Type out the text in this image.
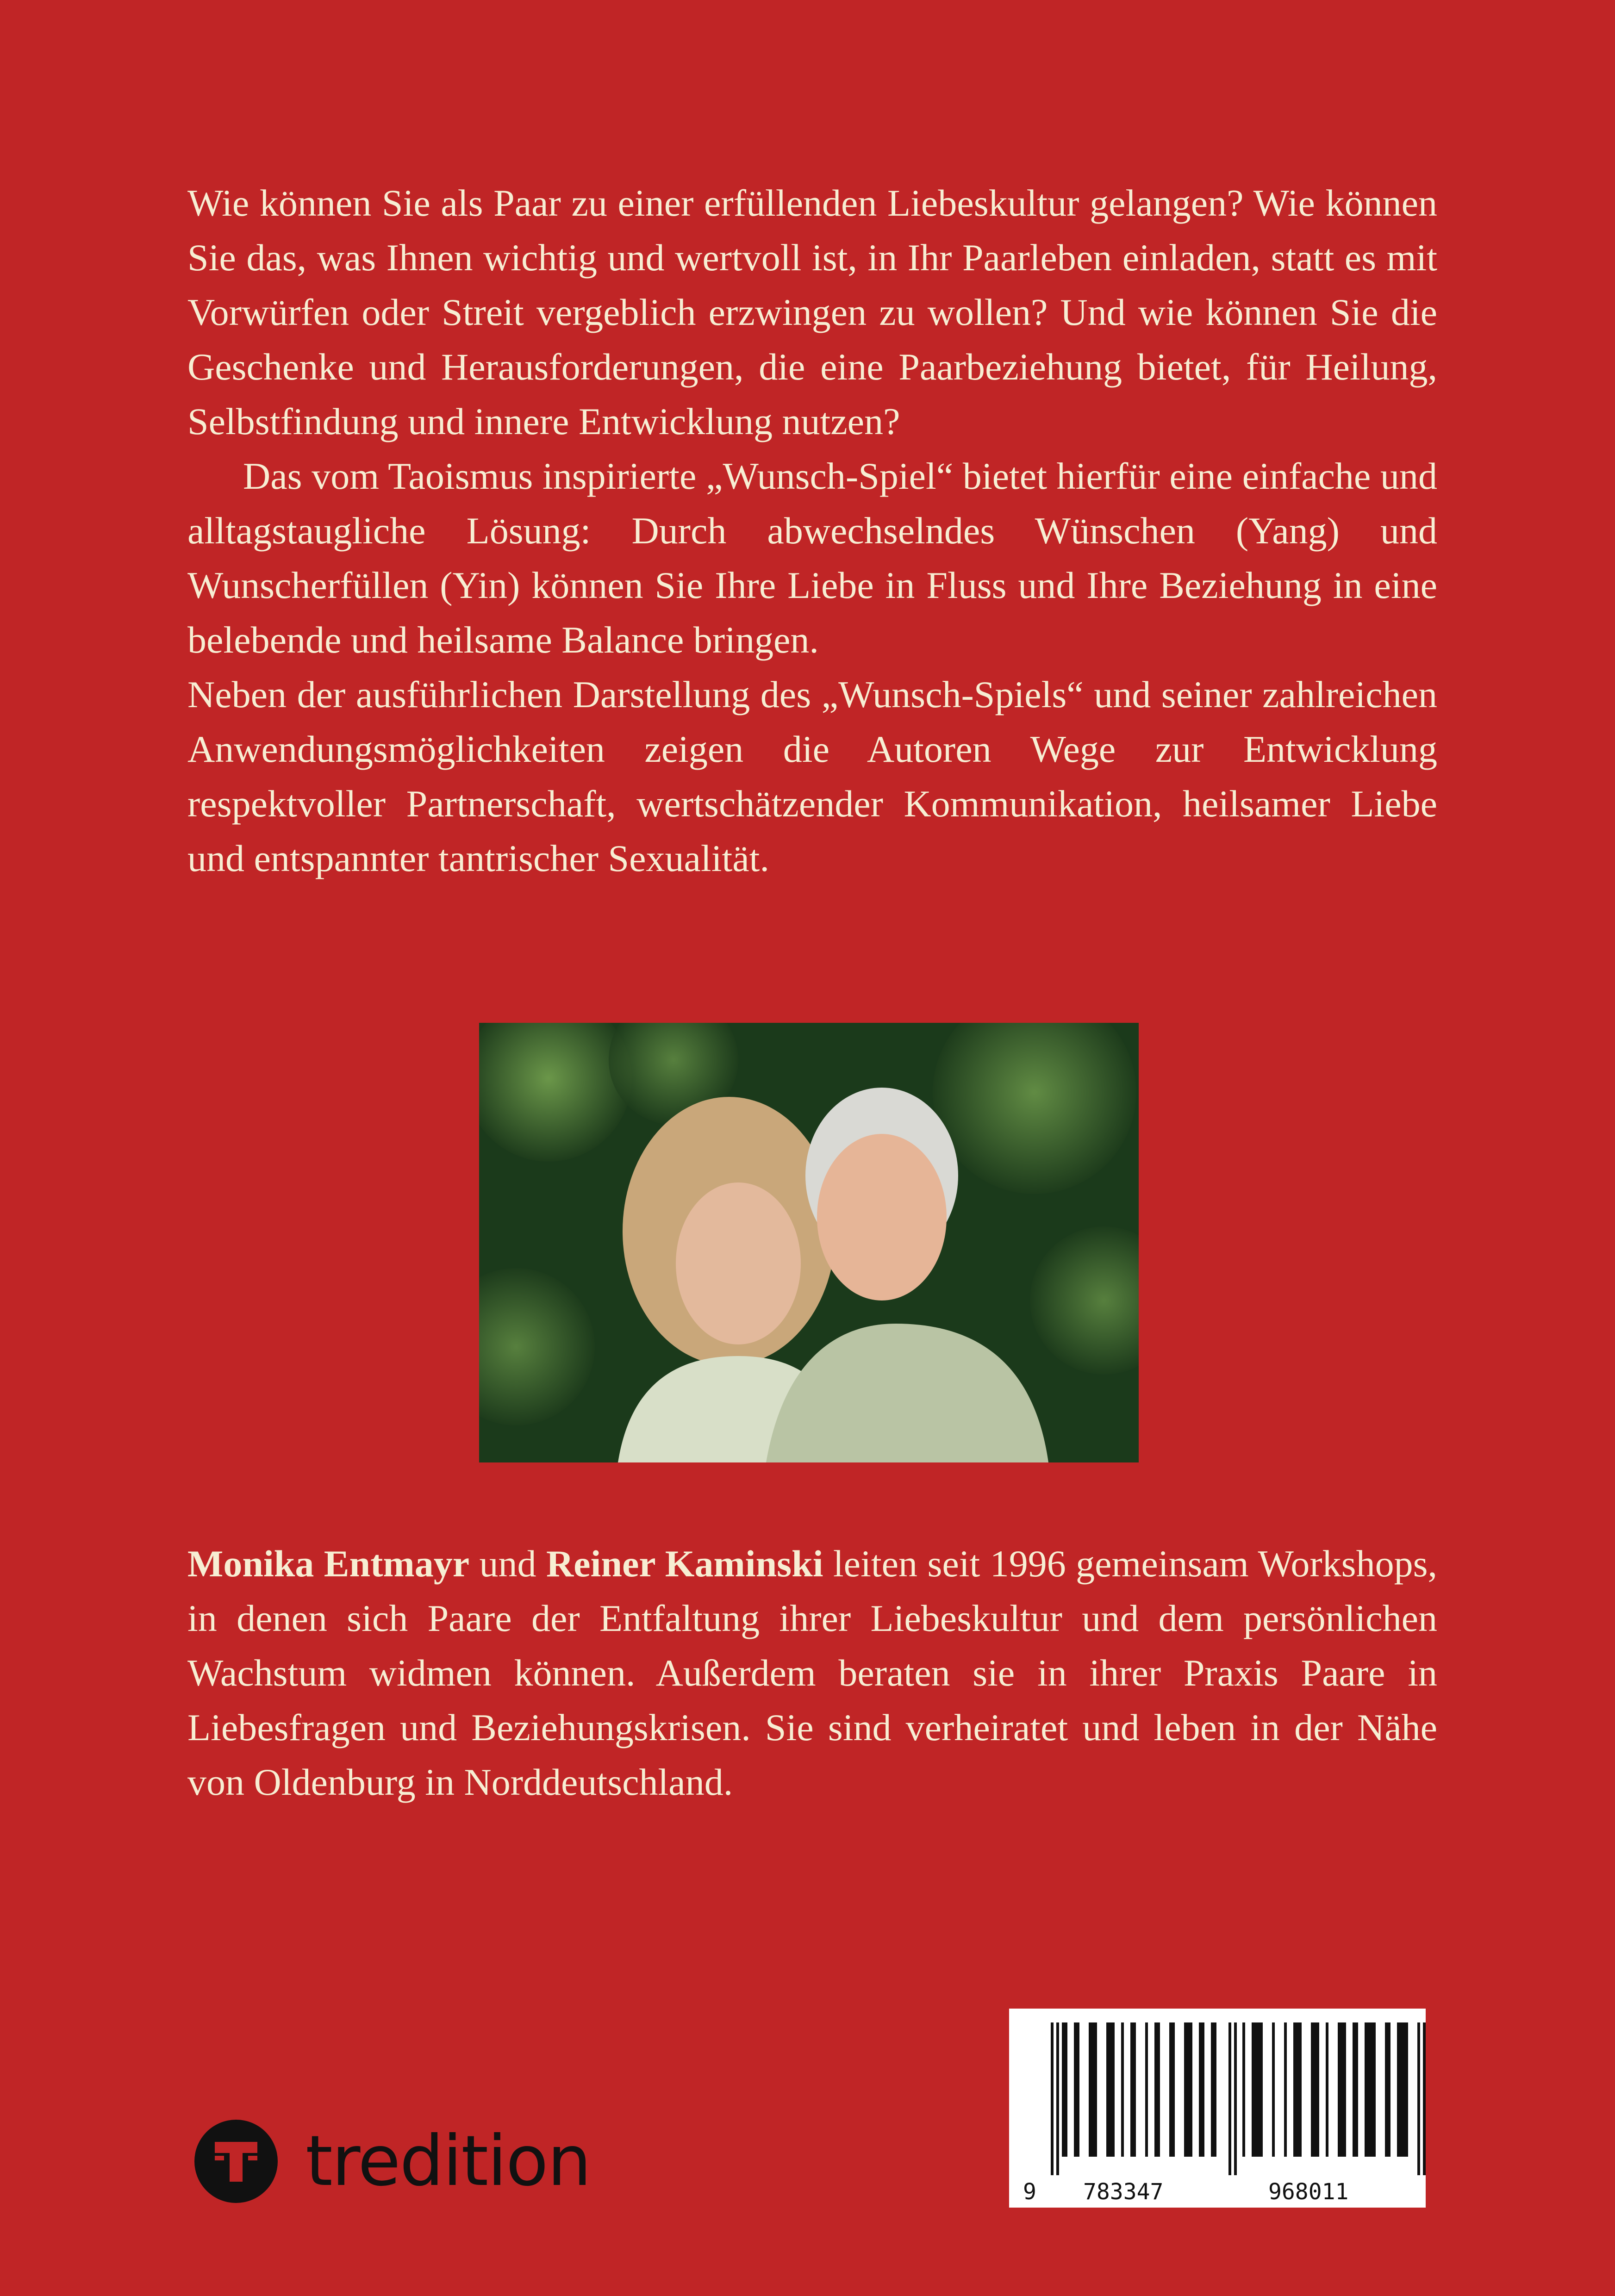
Wie können Sie als Paar zu einer erfüllenden Liebeskultur gelangen? Wie können Sie das, was Ihnen wichtig und wertvoll ist, in Ihr Paarleben einladen, statt es mit Vorwürfen oder Streit vergeblich erzwingen zu wollen? Und wie können Sie die Geschenke und Herausforderungen, die eine Paarbeziehung bietet, für Heilung, Selbstfindung und innere Entwicklung nutzen?

Das vom Taoismus inspirierte „Wunsch-Spiel“ bietet hierfür eine einfache und alltagstaugliche Lösung: Durch abwechselndes Wünschen (Yang) und Wunscherfüllen (Yin) können Sie Ihre Liebe in Fluss und Ihre Beziehung in eine belebende und heilsame Balance bringen.

Neben der ausführlichen Darstellung des „Wunsch-Spiels“ und seiner zahlreichen Anwendungsmöglichkeiten zeigen die Autoren Wege zur Entwicklung respektvoller Partnerschaft, wertschätzender Kommunikation, heilsamer Liebe und entspannter tantrischer Sexualität.

Monika Entmayr und Reiner Kaminski leiten seit 1996 gemeinsam Workshops, in denen sich Paare der Entfaltung ihrer Liebeskultur und dem persönlichen Wachstum widmen können. Außerdem beraten sie in ihrer Praxis Paare in Liebesfragen und Beziehungskrisen. Sie sind verheiratet und leben in der Nähe von Oldenburg in Norddeutschland.

tredition	9 783347	968011
